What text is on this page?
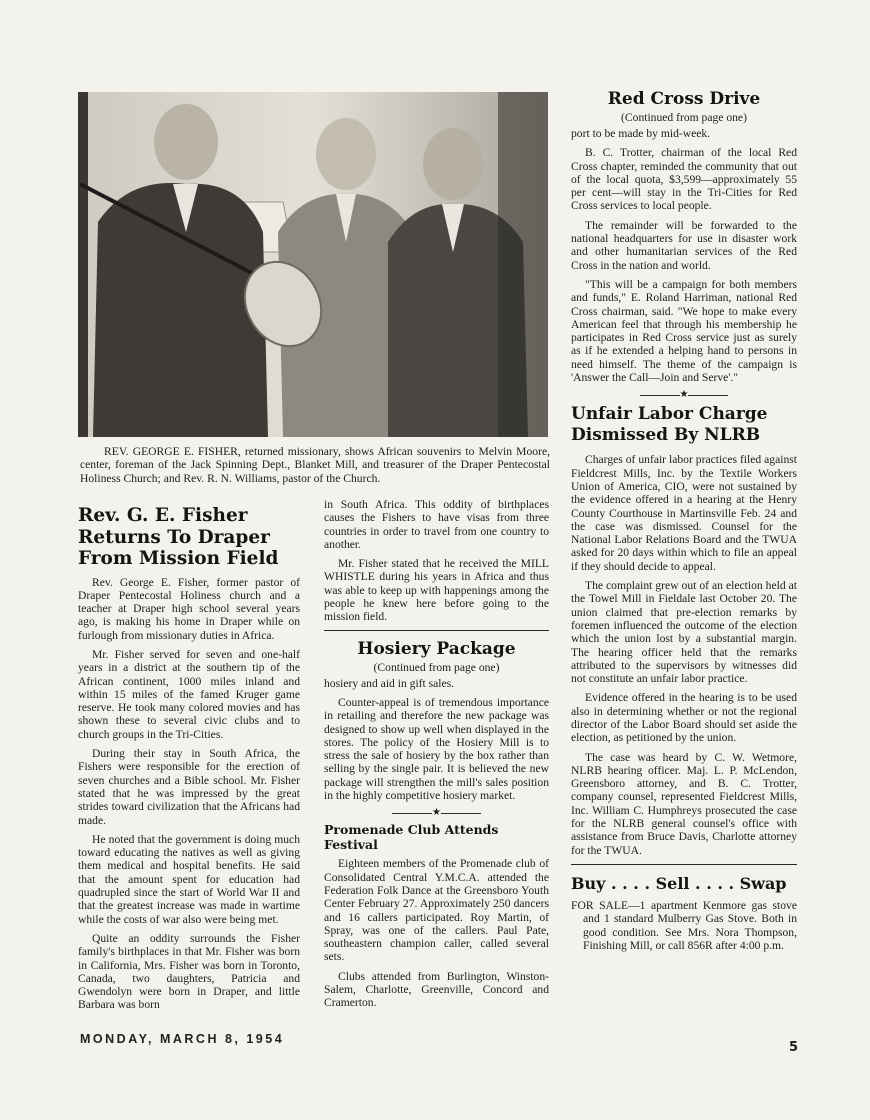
REV. GEORGE E. FISHER, returned missionary, shows African souvenirs to Melvin Moore, center, foreman of the Jack Spinning Dept., Blanket Mill, and treasurer of the Draper Pentecostal Holiness Church; and Rev. R. N. Williams, pastor of the Church.
Rev. G. E. Fisher Returns To Draper From Mission Field

Rev. George E. Fisher, former pastor of Draper Pentecostal Holiness church and a teacher at Draper high school several years ago, is making his home in Draper while on furlough from missionary duties in Africa.

Mr. Fisher served for seven and one-half years in a district at the southern tip of the African continent, 1000 miles inland and within 15 miles of the famed Kruger game reserve. He took many colored movies and has shown these to several civic clubs and to church groups in the Tri-Cities.

During their stay in South Africa, the Fishers were responsible for the erection of seven churches and a Bible school. Mr. Fisher stated that he was impressed by the great strides toward civilization that the Africans had made.

He noted that the government is doing much toward educating the natives as well as giving them medical and hospital benefits. He said that the amount spent for education had quadrupled since the start of World War II and that the greatest increase was made in wartime while the costs of war also were being met.

Quite an oddity surrounds the Fisher family's birthplaces in that Mr. Fisher was born in California, Mrs. Fisher was born in Toronto, Canada, two daughters, Patricia and Gwendolyn were born in Draper, and little Barbara was born

in South Africa. This oddity of birthplaces causes the Fishers to have visas from three countries in order to travel from one country to another.

Mr. Fisher stated that he received the MILL WHISTLE during his years in Africa and thus was able to keep up with happenings among the people he knew here before going to the mission field.

Hosiery Package
(Continued from page one)

hosiery and aid in gift sales.

Counter-appeal is of tremendous importance in retailing and therefore the new package was designed to show up well when displayed in the stores. The policy of the Hosiery Mill is to stress the sale of hosiery by the box rather than selling by the single pair. It is believed the new package will strengthen the mill's sales position in the highly competitive hosiery market.

★
Promenade Club Attends Festival

Eighteen members of the Promenade club of Consolidated Central Y.M.C.A. attended the Federation Folk Dance at the Greensboro Youth Center February 27. Approximately 250 dancers and 16 callers participated. Roy Martin, of Spray, was one of the callers. Paul Pate, southeastern champion caller, called several sets.

Clubs attended from Burlington, Winston-Salem, Charlotte, Greenville, Concord and Cramerton.

Red Cross Drive
(Continued from page one)

port to be made by mid-week.

B. C. Trotter, chairman of the local Red Cross chapter, reminded the community that out of the local quota, $3,599—approximately 55 per cent—will stay in the Tri-Cities for Red Cross services to local people.

The remainder will be forwarded to the national headquarters for use in disaster work and other humanitarian services of the Red Cross in the nation and world.

"This will be a campaign for both members and funds," E. Roland Harriman, national Red Cross chairman, said. "We hope to make every American feel that through his membership he participates in Red Cross service just as surely as if he extended a helping hand to persons in need himself. The theme of the campaign is 'Answer the Call—Join and Serve'."

★
Unfair Labor Charge Dismissed By NLRB

Charges of unfair labor practices filed against Fieldcrest Mills, Inc. by the Textile Workers Union of America, CIO, were not sustained by the evidence offered in a hearing at the Henry County Courthouse in Martinsville Feb. 24 and the case was dismissed. Counsel for the National Labor Relations Board and the TWUA asked for 20 days within which to file an appeal if they should decide to appeal.

The complaint grew out of an election held at the Towel Mill in Fieldale last October 20. The union claimed that pre-election remarks by foremen influenced the outcome of the election which the union lost by a substantial margin. The hearing officer held that the remarks attributed to the supervisors by witnesses did not constitute an unfair labor practice.

Evidence offered in the hearing is to be used also in determining whether or not the regional director of the Labor Board should set aside the election, as petitioned by the union.

The case was heard by C. W. Wetmore, NLRB hearing officer. Maj. L. P. McLendon, Greensboro attorney, and B. C. Trotter, company counsel, represented Fieldcrest Mills, Inc. William C. Humphreys prosecuted the case for the NLRB general counsel's office with assistance from Bruce Davis, Charlotte attorney for the TWUA.

Buy . . . . Sell . . . . Swap

FOR SALE—1 apartment Kenmore gas stove and 1 standard Mulberry Gas Stove. Both in good condition. See Mrs. Nora Thompson, Finishing Mill, or call 856R after 4:00 p.m.

MONDAY, MARCH 8, 1954
5
